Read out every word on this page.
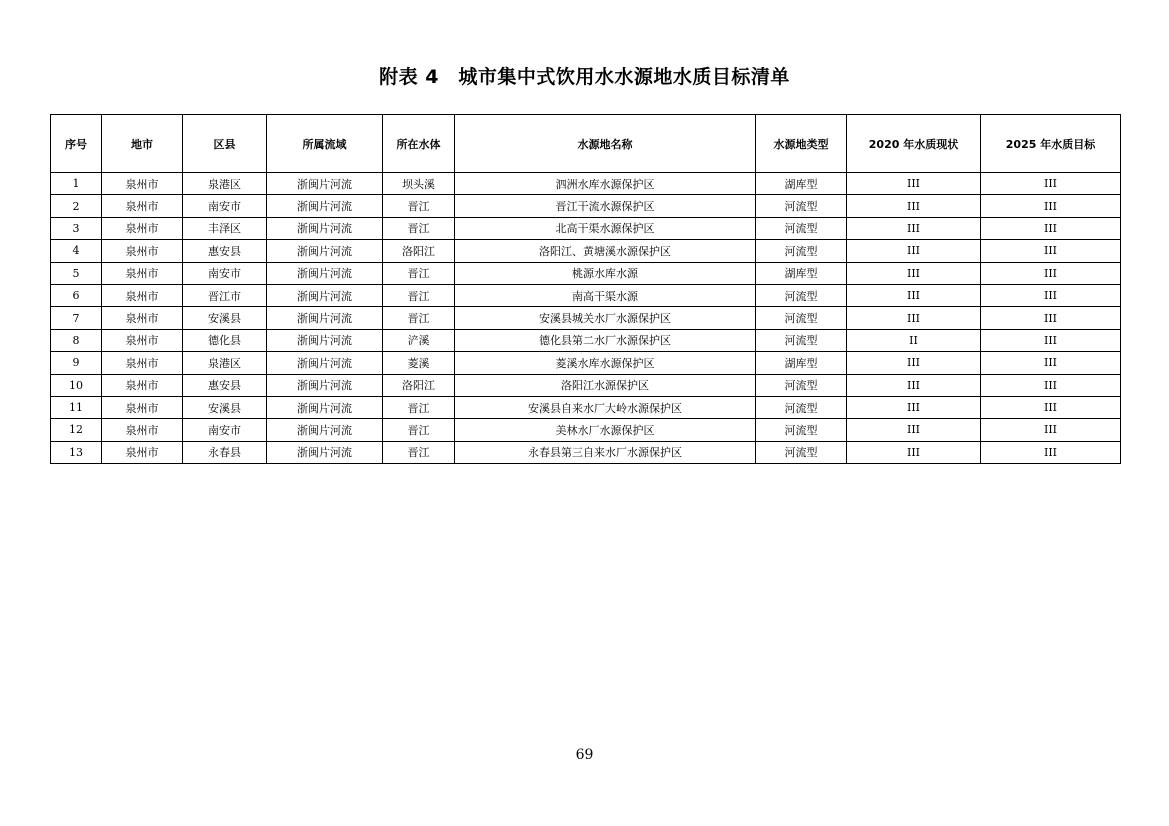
附表 4　城市集中式饮用水水源地水质目标清单
序号	地市	区县	所属流域	所在水体	水源地名称	水源地类型	2020 年水质现状	2025 年水质目标
1	泉州市	泉港区	浙闽片河流	坝头溪	泗洲水库水源保护区	湖库型	III	III
2	泉州市	南安市	浙闽片河流	晋江	晋江干流水源保护区	河流型	III	III
3	泉州市	丰泽区	浙闽片河流	晋江	北高干渠水源保护区	河流型	III	III
4	泉州市	惠安县	浙闽片河流	洛阳江	洛阳江、黄塘溪水源保护区	河流型	III	III
5	泉州市	南安市	浙闽片河流	晋江	桃源水库水源	湖库型	III	III
6	泉州市	晋江市	浙闽片河流	晋江	南高干渠水源	河流型	III	III
7	泉州市	安溪县	浙闽片河流	晋江	安溪县城关水厂水源保护区	河流型	III	III
8	泉州市	德化县	浙闽片河流	浐溪	德化县第二水厂水源保护区	河流型	II	III
9	泉州市	泉港区	浙闽片河流	菱溪	菱溪水库水源保护区	湖库型	III	III
10	泉州市	惠安县	浙闽片河流	洛阳江	洛阳江水源保护区	河流型	III	III
11	泉州市	安溪县	浙闽片河流	晋江	安溪县自来水厂大岭水源保护区	河流型	III	III
12	泉州市	南安市	浙闽片河流	晋江	美林水厂水源保护区	河流型	III	III
13	泉州市	永春县	浙闽片河流	晋江	永春县第三自来水厂水源保护区	河流型	III	III
69
